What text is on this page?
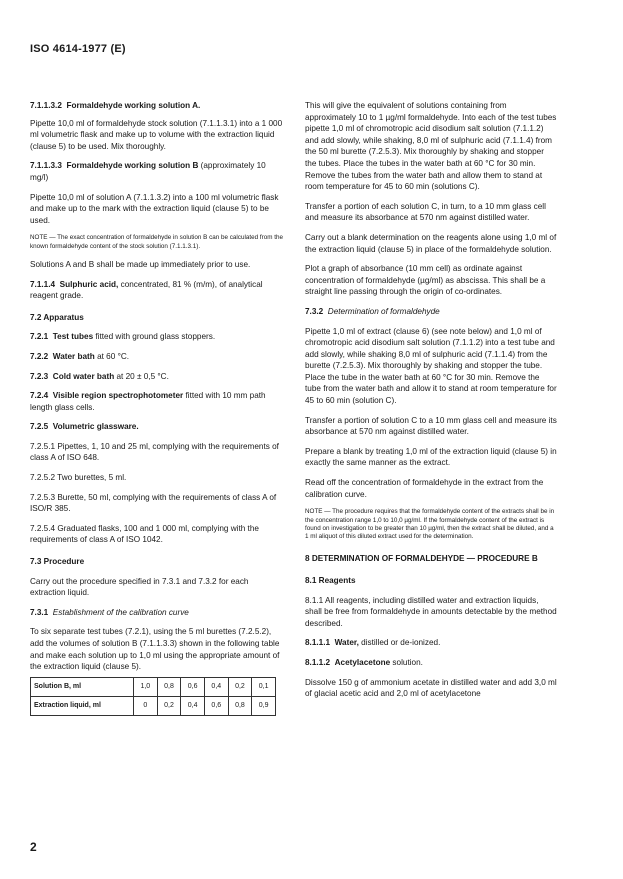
ISO 4614-1977 (E)

7.1.1.3.2 Formaldehyde working solution A.

Pipette 10,0 ml of formaldehyde stock solution (7.1.1.3.1) into a 1 000 ml volumetric flask and make up to volume with the extraction liquid (clause 5) to be used. Mix thoroughly.

7.1.1.3.3 Formaldehyde working solution B (approximately 10 mg/l)

Pipette 10,0 ml of solution A (7.1.1.3.2) into a 100 ml volumetric flask and make up to the mark with the extraction liquid (clause 5) to be used.

NOTE — The exact concentration of formaldehyde in solution B can be calculated from the known formaldehyde content of the stock solution (7.1.1.3.1).

Solutions A and B shall be made up immediately prior to use.

7.1.1.4 Sulphuric acid, concentrated, 81 % (m/m), of analytical reagent grade.

7.2 Apparatus

7.2.1 Test tubes fitted with ground glass stoppers.

7.2.2 Water bath at 60 °C.

7.2.3 Cold water bath at 20 ± 0,5 °C.

7.2.4 Visible region spectrophotometer fitted with 10 mm path length glass cells.

7.2.5 Volumetric glassware.

7.2.5.1 Pipettes, 1, 10 and 25 ml, complying with the requirements of class A of ISO 648.

7.2.5.2 Two burettes, 5 ml.

7.2.5.3 Burette, 50 ml, complying with the requirements of class A of ISO/R 385.

7.2.5.4 Graduated flasks, 100 and 1 000 ml, complying with the requirements of class A of ISO 1042.

7.3 Procedure

Carry out the procedure specified in 7.3.1 and 7.3.2 for each extraction liquid.

7.3.1 Establishment of the calibration curve

To six separate test tubes (7.2.1), using the 5 ml burettes (7.2.5.2), add the volumes of solution B (7.1.1.3.3) shown in the following table and make each solution up to 1,0 ml using the appropriate amount of the extraction liquid (clause 5).

Solution B, ml	1,0	0,8	0,6	0,4	0,2	0,1
Extraction liquid, ml	0	0,2	0,4	0,6	0,8	0,9

This will give the equivalent of solutions containing from approximately 10 to 1 µg/ml formaldehyde. Into each of the test tubes pipette 1,0 ml of chromotropic acid disodium salt solution (7.1.1.2) and add slowly, while shaking, 8,0 ml of sulphuric acid (7.1.1.4) from the 50 ml burette (7.2.5.3). Mix thoroughly by shaking and stopper the tubes. Place the tubes in the water bath at 60 °C for 30 min. Remove the tubes from the water bath and allow them to stand at room temperature for 45 to 60 min (solutions C).

Transfer a portion of each solution C, in turn, to a 10 mm glass cell and measure its absorbance at 570 nm against distilled water.

Carry out a blank determination on the reagents alone using 1,0 ml of the extraction liquid (clause 5) in place of the formaldehyde solution.

Plot a graph of absorbance (10 mm cell) as ordinate against concentration of formaldehyde (µg/ml) as abscissa. This shall be a straight line passing through the origin of co-ordinates.

7.3.2 Determination of formaldehyde

Pipette 1,0 ml of extract (clause 6) (see note below) and 1,0 ml of chromotropic acid disodium salt solution (7.1.1.2) into a test tube and add slowly, while shaking 8,0 ml of sulphuric acid (7.1.1.4) from the burette (7.2.5.3). Mix thoroughly by shaking and stopper the tube. Place the tube in the water bath at 60 °C for 30 min. Remove the tube from the water bath and allow it to stand at room temperature for 45 to 60 min (solution C).

Transfer a portion of solution C to a 10 mm glass cell and measure its absorbance at 570 nm against distilled water.

Prepare a blank by treating 1,0 ml of the extraction liquid (clause 5) in exactly the same manner as the extract.

Read off the concentration of formaldehyde in the extract from the calibration curve.

NOTE — The procedure requires that the formaldehyde content of the extracts shall be in the concentration range 1,0 to 10,0 µg/ml. If the formaldehyde content of the extract is found on investigation to be greater than 10 µg/ml, then the extract shall be diluted, and a 1 ml aliquot of this diluted extract used for the determination.

8 DETERMINATION OF FORMALDEHYDE — PROCEDURE B

8.1 Reagents

8.1.1 All reagents, including distilled water and extraction liquids, shall be free from formaldehyde in amounts detectable by the method described.

8.1.1.1 Water, distilled or de-ionized.

8.1.1.2 Acetylacetone solution.

Dissolve 150 g of ammonium acetate in distilled water and add 3,0 ml of glacial acetic acid and 2,0 ml of acetylacetone

2
